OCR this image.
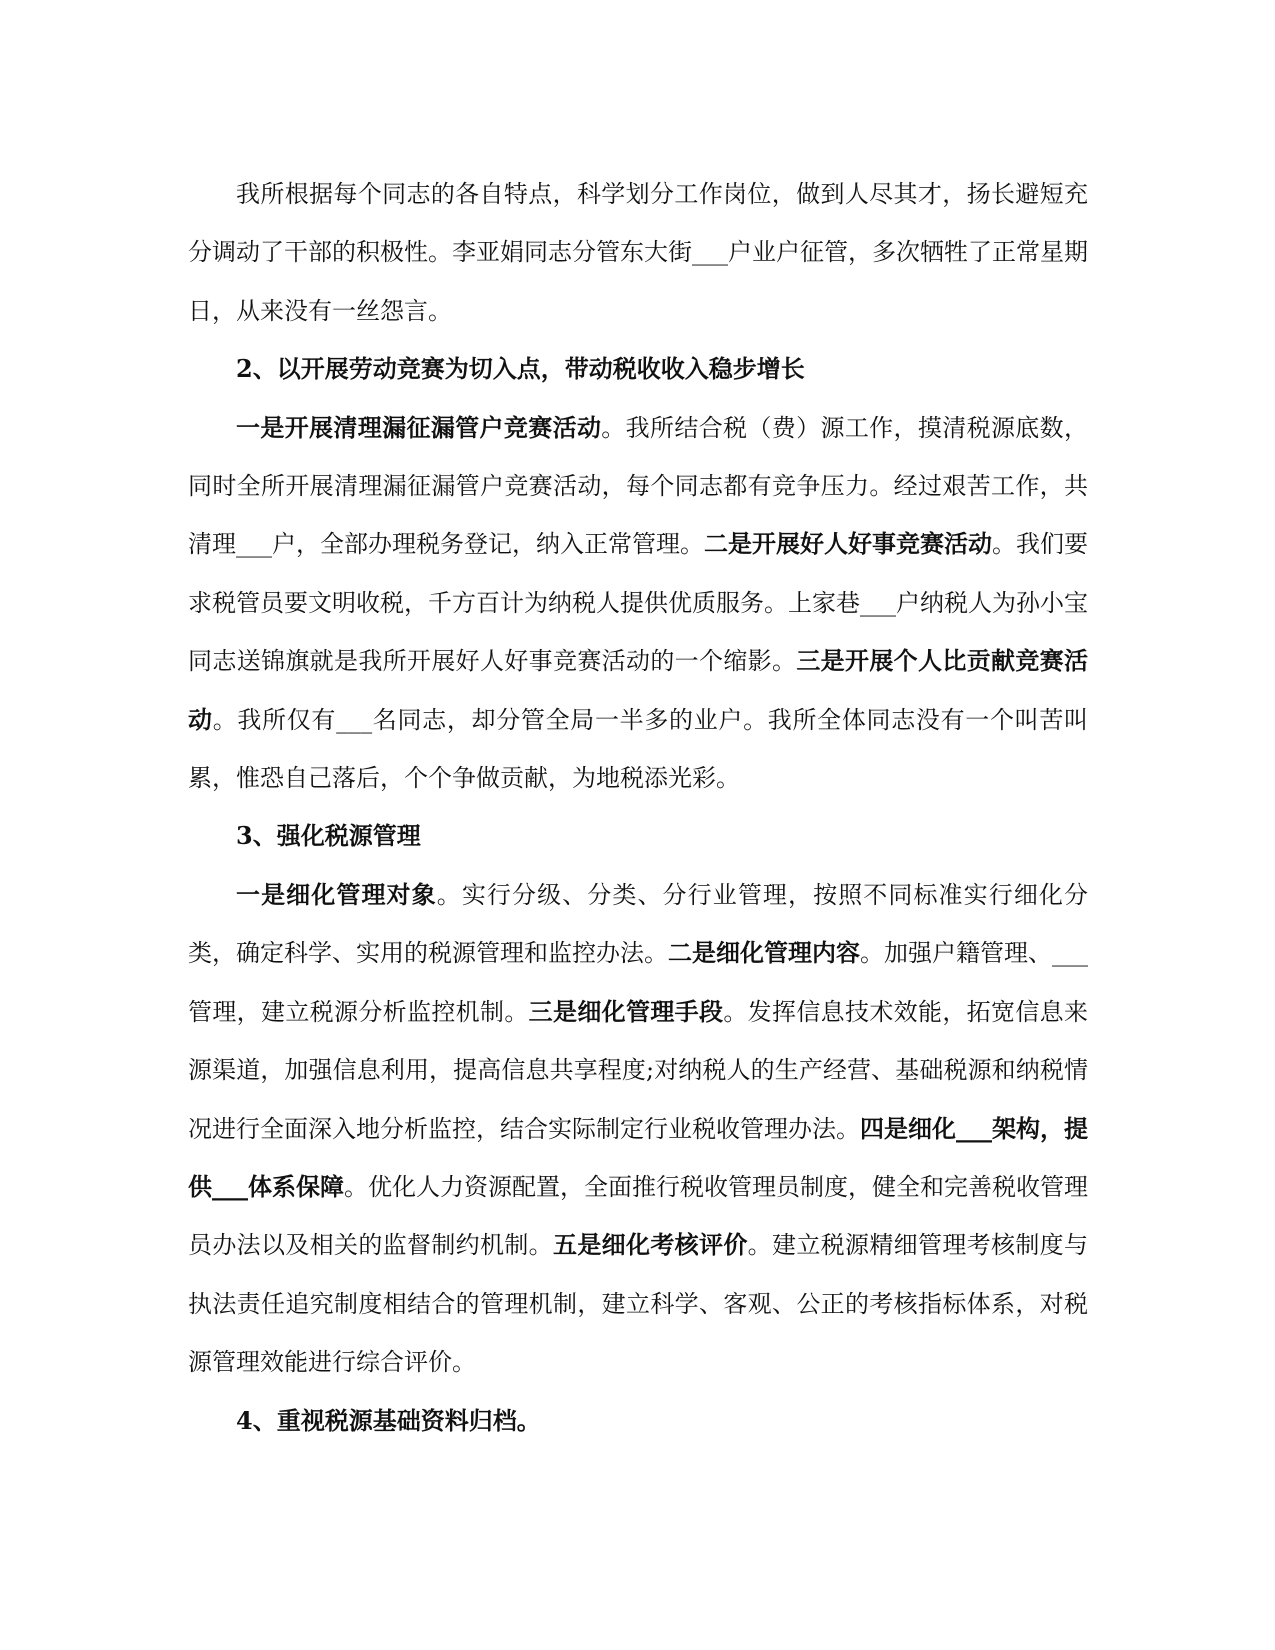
我所根据每个同志的各自特点，科学划分工作岗位，做到人尽其才，扬长避短充分调动了干部的积极性。李亚娟同志分管东大街___户业户征管，多次牺牲了正常星期日，从来没有一丝怨言。

2、以开展劳动竞赛为切入点，带动税收收入稳步增长

一是开展清理漏征漏管户竞赛活动。我所结合税（费）源工作，摸清税源底数，同时全所开展清理漏征漏管户竞赛活动，每个同志都有竞争压力。经过艰苦工作，共清理___户，全部办理税务登记，纳入正常管理。二是开展好人好事竞赛活动。我们要求税管员要文明收税，千方百计为纳税人提供优质服务。上家巷___户纳税人为孙小宝同志送锦旗就是我所开展好人好事竞赛活动的一个缩影。三是开展个人比贡献竞赛活动。我所仅有___名同志，却分管全局一半多的业户。我所全体同志没有一个叫苦叫累，惟恐自己落后，个个争做贡献，为地税添光彩。

3、强化税源管理

一是细化管理对象。实行分级、分类、分行业管理，按照不同标准实行细化分类，确定科学、实用的税源管理和监控办法。二是细化管理内容。加强户籍管理、___管理，建立税源分析监控机制。三是细化管理手段。发挥信息技术效能，拓宽信息来源渠道，加强信息利用，提高信息共享程度;对纳税人的生产经营、基础税源和纳税情况进行全面深入地分析监控，结合实际制定行业税收管理办法。四是细化___架构，提供___体系保障。优化人力资源配置，全面推行税收管理员制度，健全和完善税收管理员办法以及相关的监督制约机制。五是细化考核评价。建立税源精细管理考核制度与执法责任追究制度相结合的管理机制，建立科学、客观、公正的考核指标体系，对税源管理效能进行综合评价。

4、重视税源基础资料归档。
